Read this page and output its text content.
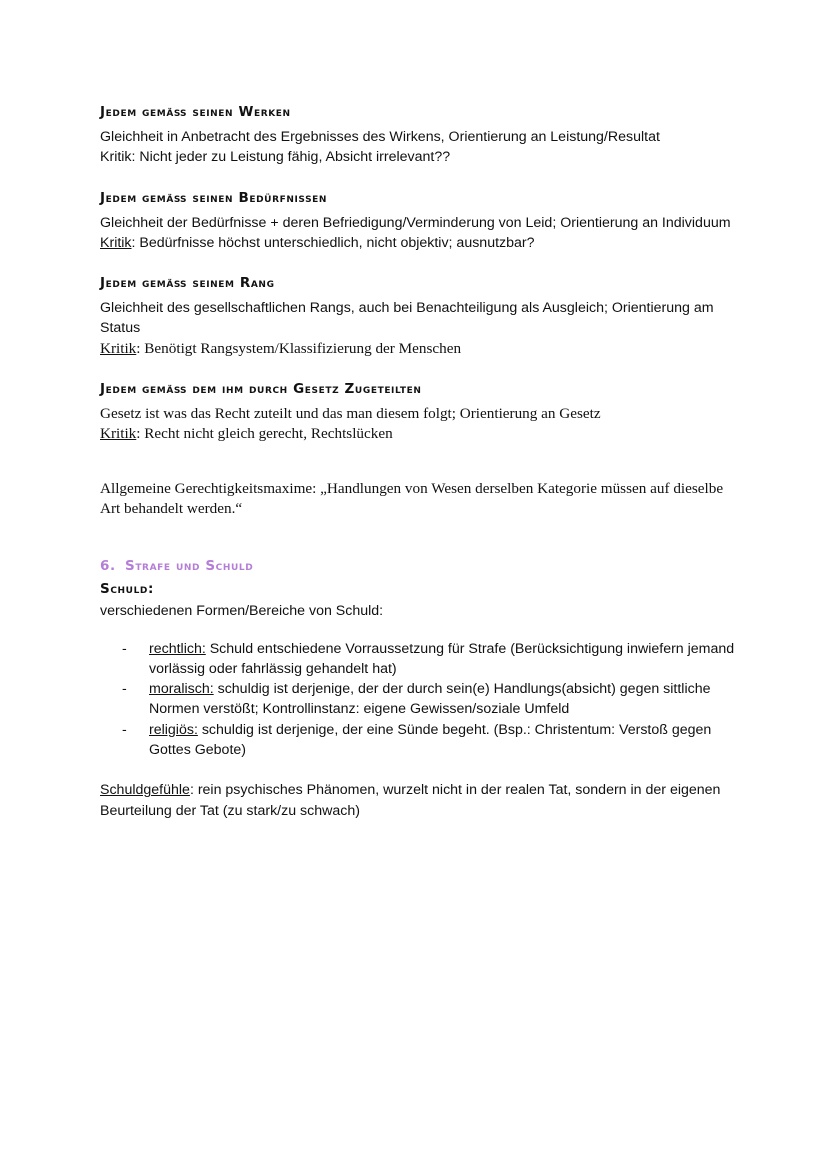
Jedem gemäß seinen Werken

Gleichheit in Anbetracht des Ergebnisses des Wirkens, Orientierung an Leistung/Resultat

Kritik: Nicht jeder zu Leistung fähig, Absicht irrelevant??

Jedem gemäß seinen Bedürfnissen

Gleichheit der Bedürfnisse + deren Befriedigung/Verminderung von Leid; Orientierung an Individuum

Kritik: Bedürfnisse höchst unterschiedlich, nicht objektiv; ausnutzbar?

Jedem gemäß seinem Rang

Gleichheit des gesellschaftlichen Rangs, auch bei Benachteiligung als Ausgleich; Orientierung am Status

Kritik: Benötigt Rangsystem/Klassifizierung der Menschen

Jedem gemäß dem ihm durch Gesetz Zugeteilten

Gesetz ist was das Recht zuteilt und das man diesem folgt; Orientierung an Gesetz

Kritik: Recht nicht gleich gerecht, Rechtslücken

Allgemeine Gerechtigkeitsmaxime: „Handlungen von Wesen derselben Kategorie müssen auf dieselbe Art behandelt werden.“

6. Strafe und Schuld
Schuld:

verschiedenen Formen/Bereiche von Schuld:

- rechtlich: Schuld entschiedene Vorraussetzung für Strafe (Berücksichtigung inwiefern jemand vorlässig oder fahrlässig gehandelt hat)
- moralisch: schuldig ist derjenige, der der durch sein(e) Handlungs(absicht) gegen sittliche Normen verstößt; Kontrollinstanz: eigene Gewissen/soziale Umfeld
- religiös: schuldig ist derjenige, der eine Sünde begeht. (Bsp.: Christentum: Verstoß gegen Gottes Gebote)

Schuldgefühle: rein psychisches Phänomen, wurzelt nicht in der realen Tat, sondern in der eigenen Beurteilung der Tat (zu stark/zu schwach)
